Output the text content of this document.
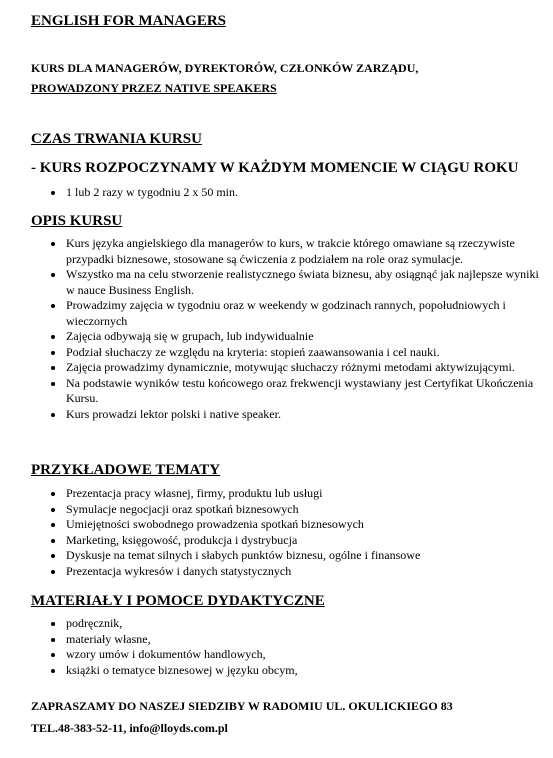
ENGLISH FOR MANAGERS
KURS DLA MANAGERÓW, DYREKTORÓW, CZŁONKÓW ZARZĄDU,
PROWADZONY PRZEZ NATIVE SPEAKERS
CZAS TRWANIA KURSU
- KURS ROZPOCZYNAMY W KAŻDYM MOMENCIE W CIĄGU ROKU
1 lub 2 razy w tygodniu 2 x 50 min.
OPIS KURSU
Kurs języka angielskiego dla managerów to kurs, w trakcie którego omawiane są rzeczywiste przypadki biznesowe, stosowane są ćwiczenia z podziałem na role oraz symulacje.
Wszystko ma na celu stworzenie realistycznego świata biznesu, aby osiągnąć jak najlepsze wyniki w nauce Business English.
Prowadzimy zajęcia w tygodniu oraz w weekendy w godzinach rannych, popołudniowych i wieczornych
Zajęcia odbywają się w grupach, lub indywidualnie
Podział słuchaczy ze względu na kryteria: stopień zaawansowania i cel nauki.
Zajęcia prowadzimy dynamicznie, motywując słuchaczy różnymi metodami aktywizującymi.
Na podstawie wyników testu końcowego oraz frekwencji wystawiany jest Certyfikat Ukończenia Kursu.
Kurs prowadzi lektor polski i native speaker.
PRZYKŁADOWE TEMATY
Prezentacja pracy własnej, firmy, produktu lub usługi
Symulacje negocjacji oraz spotkań biznesowych
Umiejętności swobodnego prowadzenia spotkań biznesowych
Marketing, księgowość, produkcja i dystrybucja
Dyskusje na temat silnych i słabych punktów biznesu, ogólne i finansowe
Prezentacja wykresów i danych statystycznych
MATERIAŁY I POMOCE DYDAKTYCZNE
podręcznik,
materiały własne,
wzory umów i dokumentów handlowych,
książki o tematyce biznesowej w języku obcym,
ZAPRASZAMY DO NASZEJ SIEDZIBY W RADOMIU UL. OKULICKIEGO 83
TEL.48-383-52-11, info@lloyds.com.pl
